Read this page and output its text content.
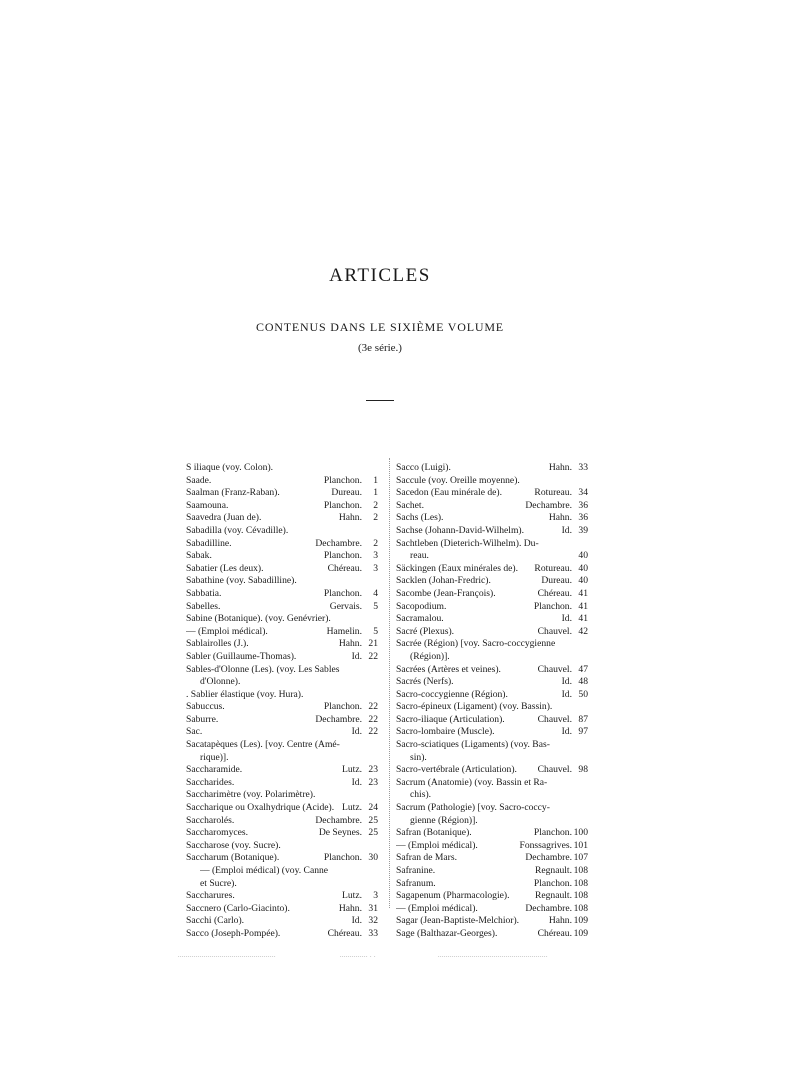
ARTICLES
CONTENUS DANS LE SIXIÈME VOLUME
(3e série.)
S iliaque (voy. Colon).
Saade.	Planchon.	1
Saalman (Franz-Raban).	Dureau.	1
Saamouna.	Planchon.	2
Saavedra (Juan de).	Hahn.	2
Sabadilla (voy. Cévadille).
Sabadilline.	Dechambre.	2
Sabak.	Planchon.	3
Sabatier (Les deux).	Chéreau.	3
Sabathine (voy. Sabadilline).
Sabbatia.	Planchon.	4
Sabelles.	Gervais.	5
Sabine (Botanique). (voy. Genévrier).
— (Emploi médical).	Hamelin.	5
Sablairolles (J.).	Hahn. 21
Sabler (Guillaume-Thomas).	Id. 22
Sables-d'Olonne (Les). (voy. Les Sables
d'Olonne).
. Sablier élastique (voy. Hura).
Sabuccus.	Planchon. 22
Saburre.	Dechambre. 22
Sac.	Id. 22
Sacatapèques (Les). [voy. Centre (Amé-
rique)].
Saccharamide.	Lutz. 23
Saccharides.	Id. 23
Saccharimètre (voy. Polarimètre).
Saccharique ou Oxalhydrique (Acide). Lutz. 24
Saccharolés.	Dechambre. 25
Saccharomyces.	De Seynes. 25
Saccharose (voy. Sucre).
Saccharum (Botanique).	Planchon. 30
— (Emploi médical) (voy. Canne
et Sucre).
Saccharures.	Lutz.	3
Saccnero (Carlo-Giacinto).	Hahn. 31
Sacchi (Carlo).	Id. 32
Sacco (Joseph-Pompée).	Chéreau. 33
Sacco (Luigi).	Hahn. 33
Saccule (voy. Oreille moyenne).
Sacedon (Eau minérale de).	Rotureau. 34
Sachet.	Dechambre. 36
Sachs (Les).	Hahn. 36
Sachse (Johann-David-Wilhelm).	Id. 39
Sachtleben (Dieterich-Wilhelm). Du-
reau.	40
Säckingen (Eaux minérales de).	Rotureau. 40
Sacklen (Johan-Fredric).	Dureau. 40
Sacombe (Jean-François).	Chéreau. 41
Sacopodium.	Planchon. 41
Sacramalou.	Id. 41
Sacré (Plexus).	Chauvel. 42
Sacrée (Région) [voy. Sacro-coccygienne
(Région)].
Sacrées (Artères et veines).	Chauvel. 47
Sacrés (Nerfs).	Id. 48
Sacro-coccygienne (Région).	Id. 50
Sacro-épineux (Ligament) (voy. Bassin).
Sacro-iliaque (Articulation).	Chauvel. 87
Sacro-lombaire (Muscle).	Id. 97
Sacro-sciatiques (Ligaments) (voy. Bas-
sin).
Sacro-vertébrale (Articulation).	Chauvel. 98
Sacrum (Anatomie) (voy. Bassin et Ra-
chis).
Sacrum (Pathologie) [voy. Sacro-coccy-
gienne (Région)].
Safran (Botanique).	Planchon. 100
— (Emploi médical).	Fonssagrives. 101
Safran de Mars.	Dechambre. 107
Safranine.	Regnault. 108
Safranum.	Planchon. 108
Sagapenum (Pharmacologie).	Regnault. 108
— (Emploi médical).	Dechambre. 108
Sagar (Jean-Baptiste-Melchior).	Hahn. 109
Sage (Balthazar-Georges).	Chéreau. 109
.................................................	.............. . .	.......................................................
